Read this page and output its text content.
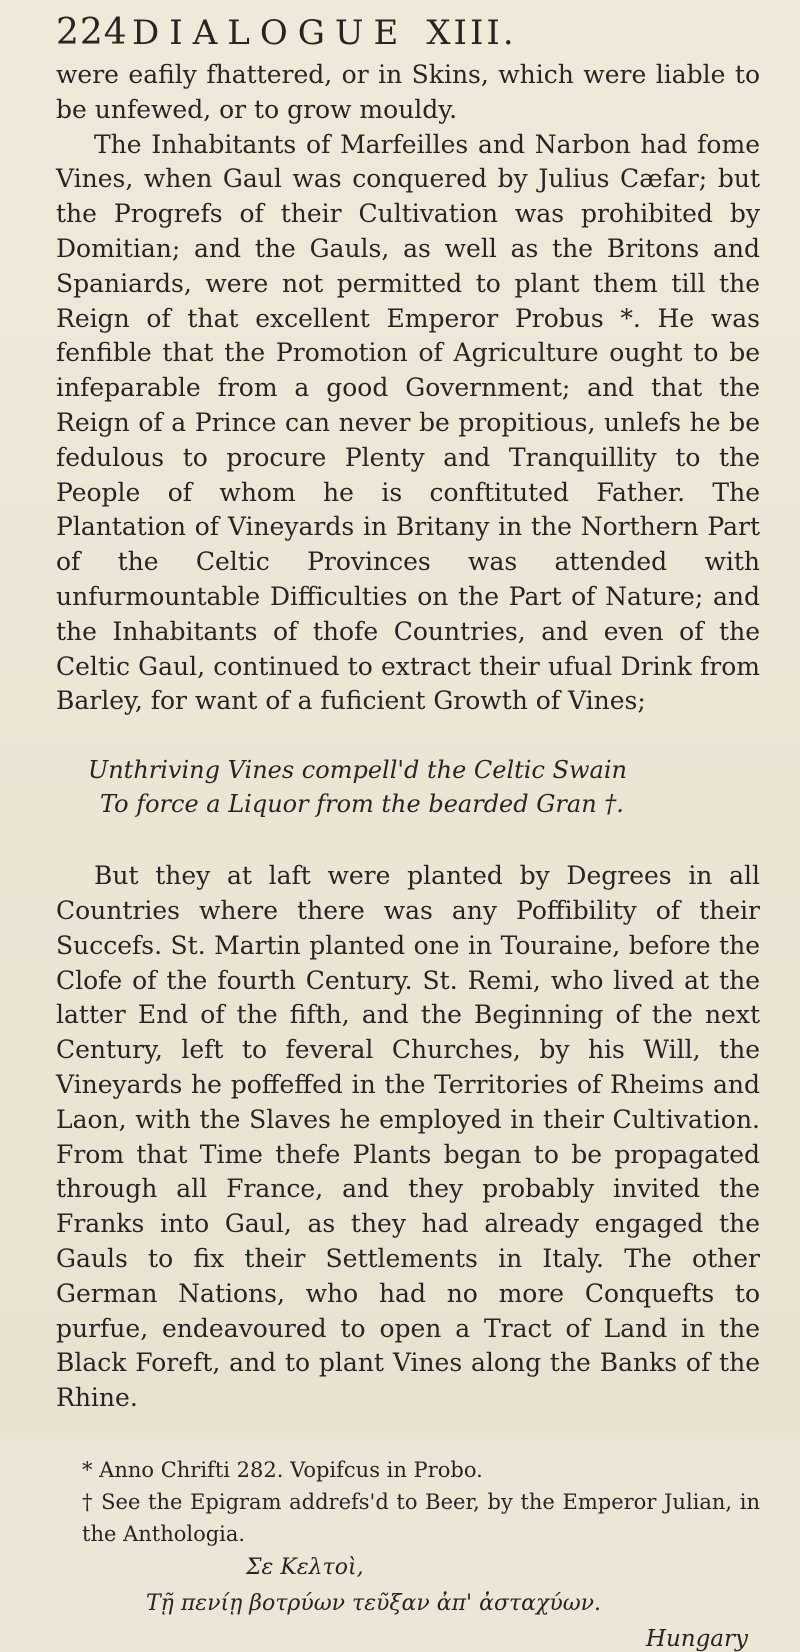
224 DIALOGUE XIII.

were eafily fhattered, or in Skins, which were liable to be unfewed, or to grow mouldy.

The Inhabitants of Marfeilles and Narbon had fome Vines, when Gaul was conquered by Julius Cæfar; but the Progrefs of their Cultivation was prohibited by Domitian; and the Gauls, as well as the Britons and Spaniards, were not permitted to plant them till the Reign of that excellent Emperor Probus *. He was fenfible that the Promotion of Agriculture ought to be infeparable from a good Government; and that the Reign of a Prince can never be propitious, unlefs he be fedulous to procure Plenty and Tranquillity to the People of whom he is conftituted Father. The Plantation of Vineyards in Britany in the Northern Part of the Celtic Provinces was attended with unfurmountable Difficulties on the Part of Nature; and the Inhabitants of thofe Countries, and even of the Celtic Gaul, continued to extract their ufual Drink from Barley, for want of a fuficient Growth of Vines;

Unthriving Vines compell'd the Celtic Swain
To force a Liquor from the bearded Gran †.

But they at laft were planted by Degrees in all Countries where there was any Poffibility of their Succefs. St. Martin planted one in Touraine, before the Clofe of the fourth Century. St. Remi, who lived at the latter End of the fifth, and the Beginning of the next Century, left to feveral Churches, by his Will, the Vineyards he poffeffed in the Territories of Rheims and Laon, with the Slaves he employed in their Cultivation. From that Time thefe Plants began to be propagated through all France, and they probably invited the Franks into Gaul, as they had already engaged the Gauls to fix their Settlements in Italy. The other German Nations, who had no more Conquefts to purfue, endeavoured to open a Tract of Land in the Black Foreft, and to plant Vines along the Banks of the Rhine.

* Anno Chrifti 282. Vopifcus in Probo.

† See the Epigram addrefs'd to Beer, by the Emperor Julian, in the Anthologia.

Σε Κελτοὶ,
Τῇ πενίῃ βοτρύων τεῦξαν ἀπ' ἀσταχύων.
Hungary
